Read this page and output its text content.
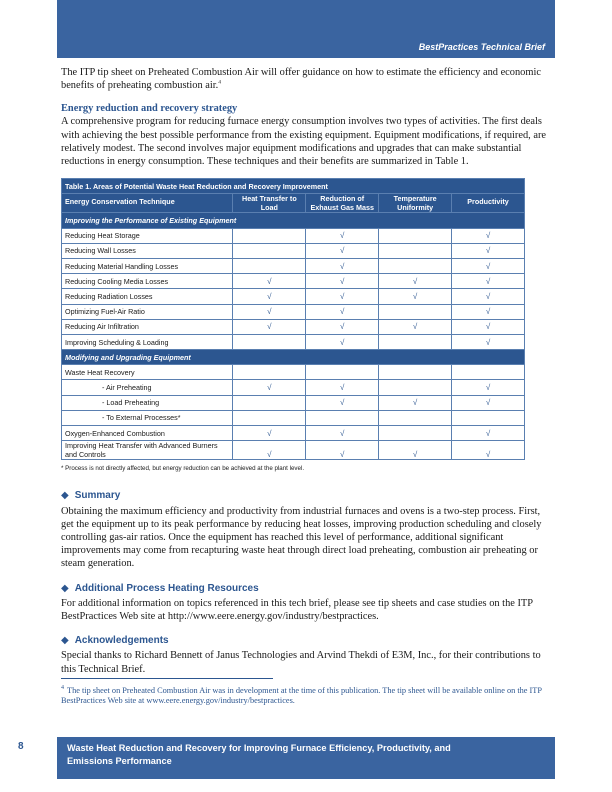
BestPractices Technical Brief

The ITP tip sheet on Preheated Combustion Air will offer guidance on how to estimate the efficiency and economic benefits of preheating combustion air.$^4$

Energy reduction and recovery strategy

A comprehensive program for reducing furnace energy consumption involves two types of activities. The first deals with achieving the best possible performance from the existing equipment. Equipment modifications, if required, are relatively modest. The second involves major equipment modifications and upgrades that can make substantial reductions in energy consumption. These techniques and their benefits are summarized in Table 1.

Table 1. Areas of Potential Waste Heat Reduction and Recovery Improvement				
Energy Conservation Technique	Heat Transfer to Load	Reduction of Exhaust Gas Mass	Temperature Uniformity	Productivity
Improving the Performance of Existing Equipment				
Reducing Heat Storage		√		√
Reducing Wall Losses		√		√
Reducing Material Handling Losses		√		√
Reducing Cooling Media Losses	√	√	√	√
Reducing Radiation Losses	√	√	√	√
Optimizing Fuel-Air Ratio	√	√		√
Reducing Air Infiltration	√	√	√	√
Improving Scheduling & Loading		√		√
Modifying and Upgrading Equipment				
Waste Heat Recovery				
- Air Preheating	√	√		√
- Load Preheating		√	√	√
- To External Processes*				
Oxygen-Enhanced Combustion	√	√		√
Improving Heat Transfer with Advanced Burners and Controls	√	√	√	√

* Process is not directly affected, but energy reduction can be achieved at the plant level.

◆ Summary

Obtaining the maximum efficiency and productivity from industrial furnaces and ovens is a two-step process. First, get the equipment up to its peak performance by reducing heat losses, improving production scheduling and closely controlling gas-air ratios. Once the equipment has reached this level of performance, additional significant improvements may come from recapturing waste heat through direct load preheating, combustion air preheating or steam generation.

◆ Additional Process Heating Resources

For additional information on topics referenced in this tech brief, please see tip sheets and case studies on the ITP BestPractices Web site at http://www.eere.energy.gov/industry/bestpractices.

◆ Acknowledgements

Special thanks to Richard Bennett of Janus Technologies and Arvind Thekdi of E3M, Inc., for their contributions to this Technical Brief.

$^4$ The tip sheet on Preheated Combustion Air was in development at the time of this publication. The tip sheet will be available online on the ITP BestPractices Web site at www.eere.energy.gov/industry/bestpractices.

8	Waste Heat Reduction and Recovery for Improving Furnace Efficiency, Productivity, and Emissions Performance
